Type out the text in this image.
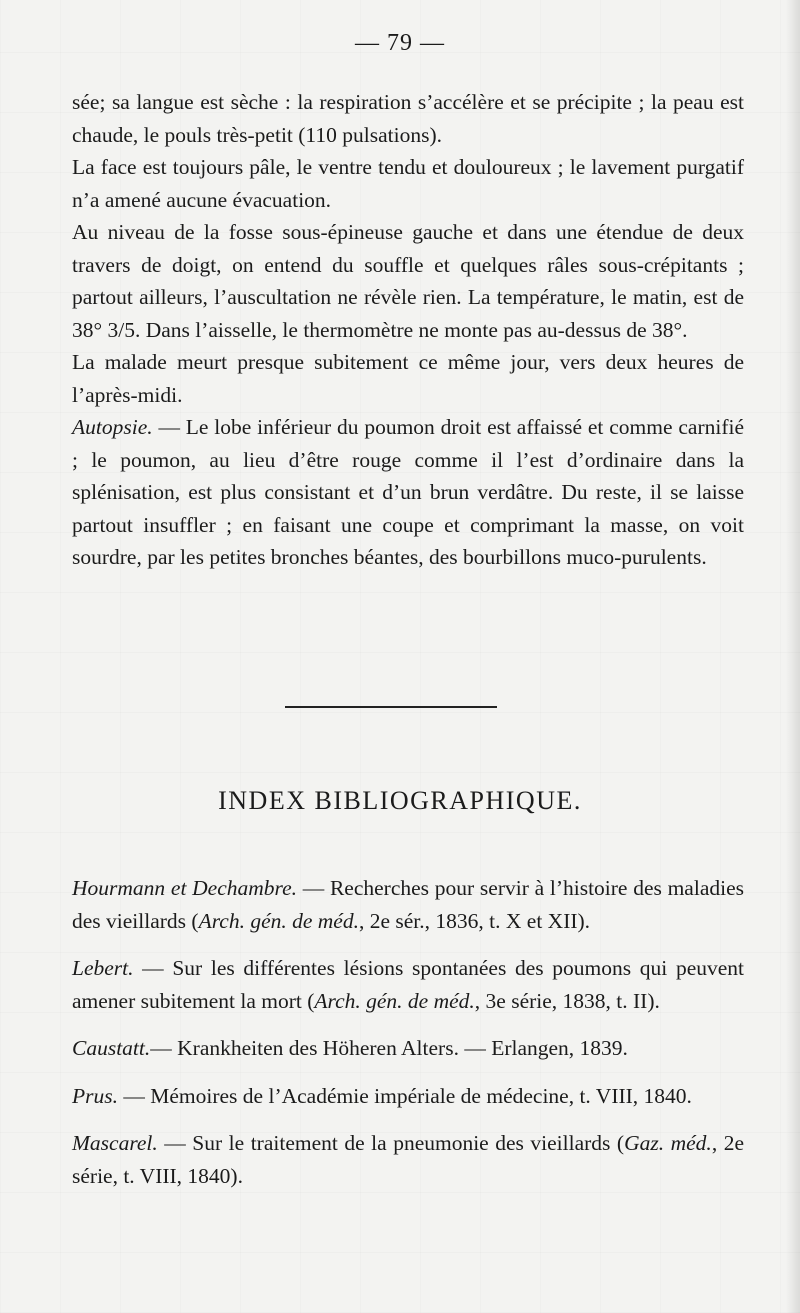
— 79 —

sée; sa langue est sèche : la respiration s’accélère et se précipite ; la peau est chaude, le pouls très-petit (110 pulsations).

La face est toujours pâle, le ventre tendu et douloureux ; le lavement purgatif n’a amené aucune évacuation.

Au niveau de la fosse sous-épineuse gauche et dans une étendue de deux travers de doigt, on entend du souffle et quelques râles sous-crépitants ; partout ailleurs, l’auscultation ne révèle rien. La température, le matin, est de 38° 3/5. Dans l’aisselle, le thermomètre ne monte pas au-dessus de 38°.

La malade meurt presque subitement ce même jour, vers deux heures de l’après-midi.

Autopsie. — Le lobe inférieur du poumon droit est affaissé et comme carnifié ; le poumon, au lieu d’être rouge comme il l’est d’ordinaire dans la splénisation, est plus consistant et d’un brun verdâtre. Du reste, il se laisse partout insuffler ; en faisant une coupe et comprimant la masse, on voit sourdre, par les petites bronches béantes, des bourbillons muco-purulents.

INDEX BIBLIOGRAPHIQUE.

Hourmann et Dechambre. — Recherches pour servir à l’histoire des maladies des vieillards (Arch. gén. de méd., 2e sér., 1836, t. X et XII).

Lebert. — Sur les différentes lésions spontanées des poumons qui peuvent amener subitement la mort (Arch. gén. de méd., 3e série, 1838, t. II).

Caustatt.— Krankheiten des Höheren Alters. — Erlangen, 1839.

Prus. — Mémoires de l’Académie impériale de médecine, t. VIII, 1840.

Mascarel. — Sur le traitement de la pneumonie des vieillards (Gaz. méd., 2e série, t. VIII, 1840).
